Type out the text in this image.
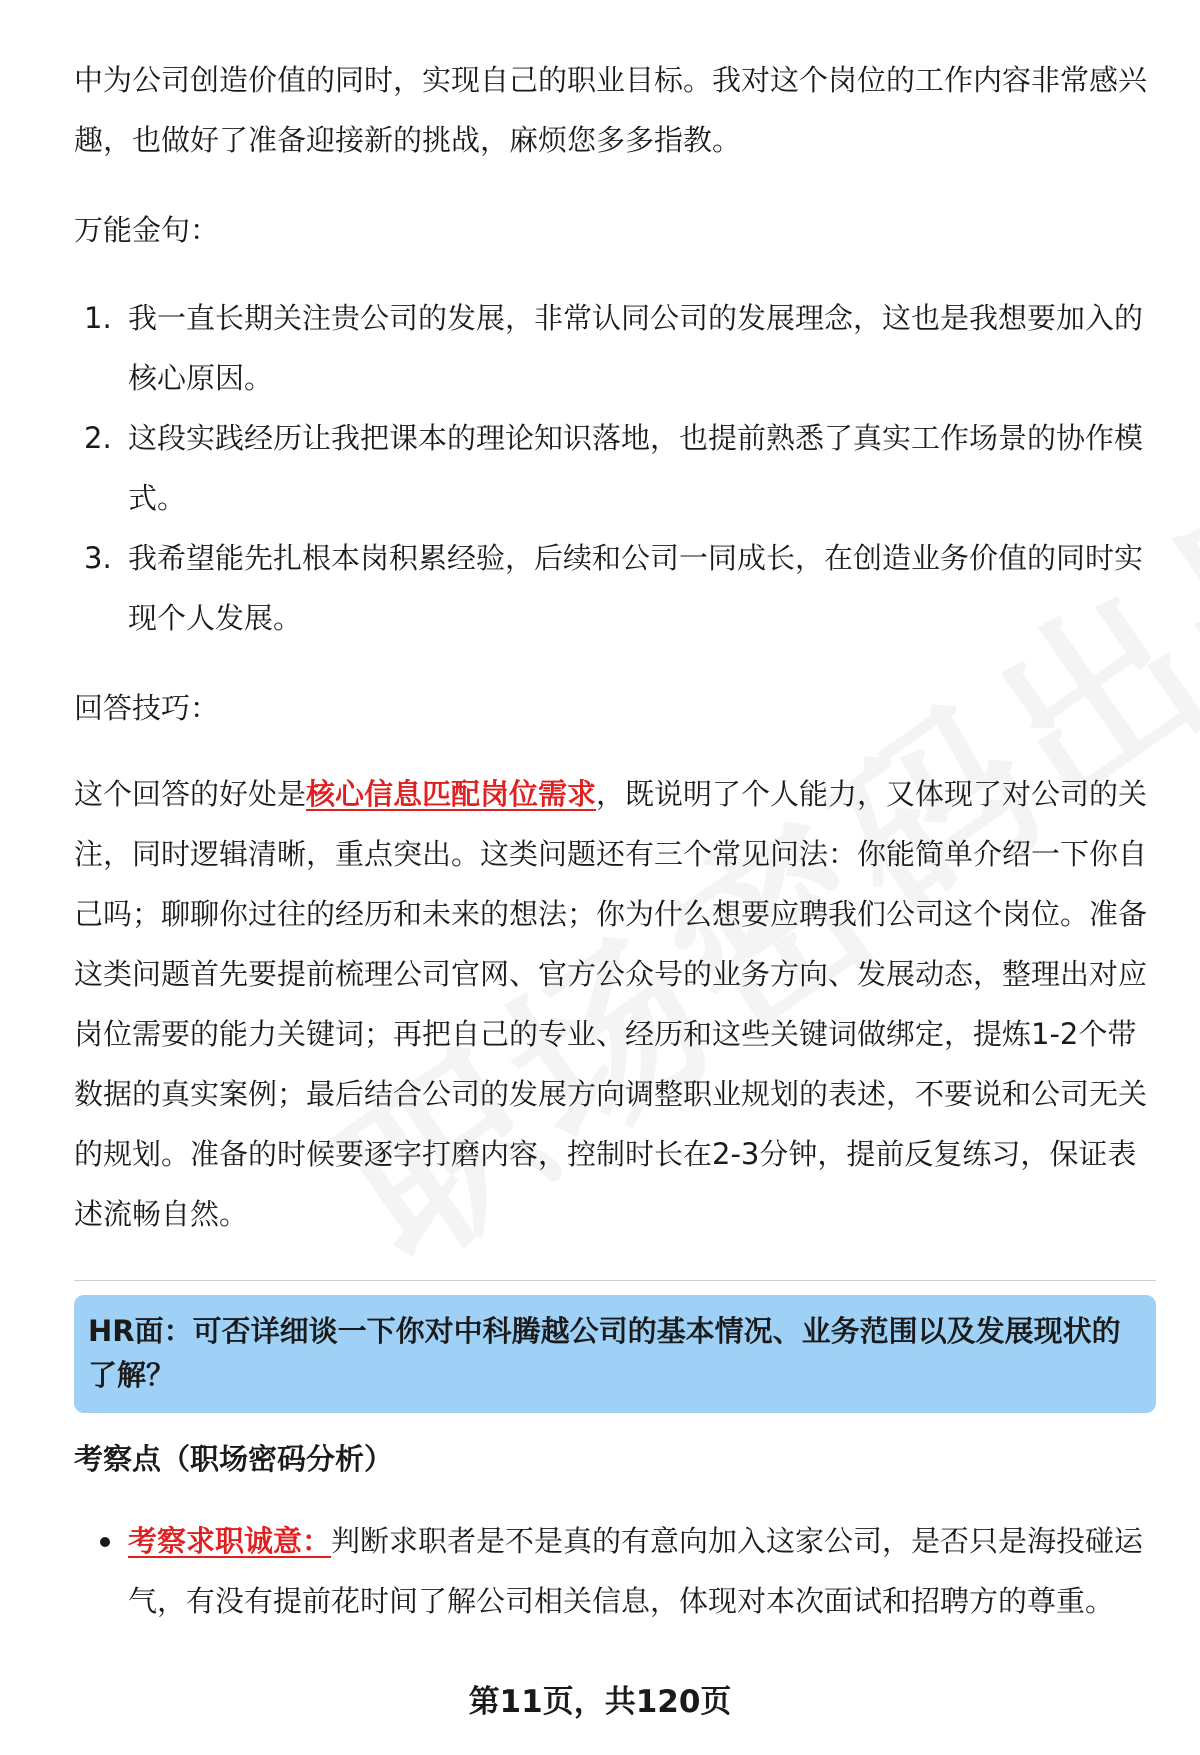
中为公司创造价值的同时，实现自己的职业目标。我对这个岗位的工作内容非常感兴趣，也做好了准备迎接新的挑战，麻烦您多多指教。

万能金句：

1. 我一直长期关注贵公司的发展，非常认同公司的发展理念，这也是我想要加入的核心原因。
2. 这段实践经历让我把课本的理论知识落地，也提前熟悉了真实工作场景的协作模式。
3. 我希望能先扎根本岗积累经验，后续和公司一同成长，在创造业务价值的同时实现个人发展。

回答技巧：

这个回答的好处是核心信息匹配岗位需求，既说明了个人能力，又体现了对公司的关注，同时逻辑清晰，重点突出。这类问题还有三个常见问法：你能简单介绍一下你自己吗；聊聊你过往的经历和未来的想法；你为什么想要应聘我们公司这个岗位。准备这类问题首先要提前梳理公司官网、官方公众号的业务方向、发展动态，整理出对应岗位需要的能力关键词；再把自己的专业、经历和这些关键词做绑定，提炼1-2个带数据的真实案例；最后结合公司的发展方向调整职业规划的表述，不要说和公司无关的规划。准备的时候要逐字打磨内容，控制时长在2-3分钟，提前反复练习，保证表述流畅自然。

HR面：可否详细谈一下你对中科腾越公司的基本情况、业务范围以及发展现状的了解？

考察点（职场密码分析）

考察求职诚意：判断求职者是不是真的有意向加入这家公司，是否只是海投碰运气，有没有提前花时间了解公司相关信息，体现对本次面试和招聘方的尊重。
第11页，共120页
